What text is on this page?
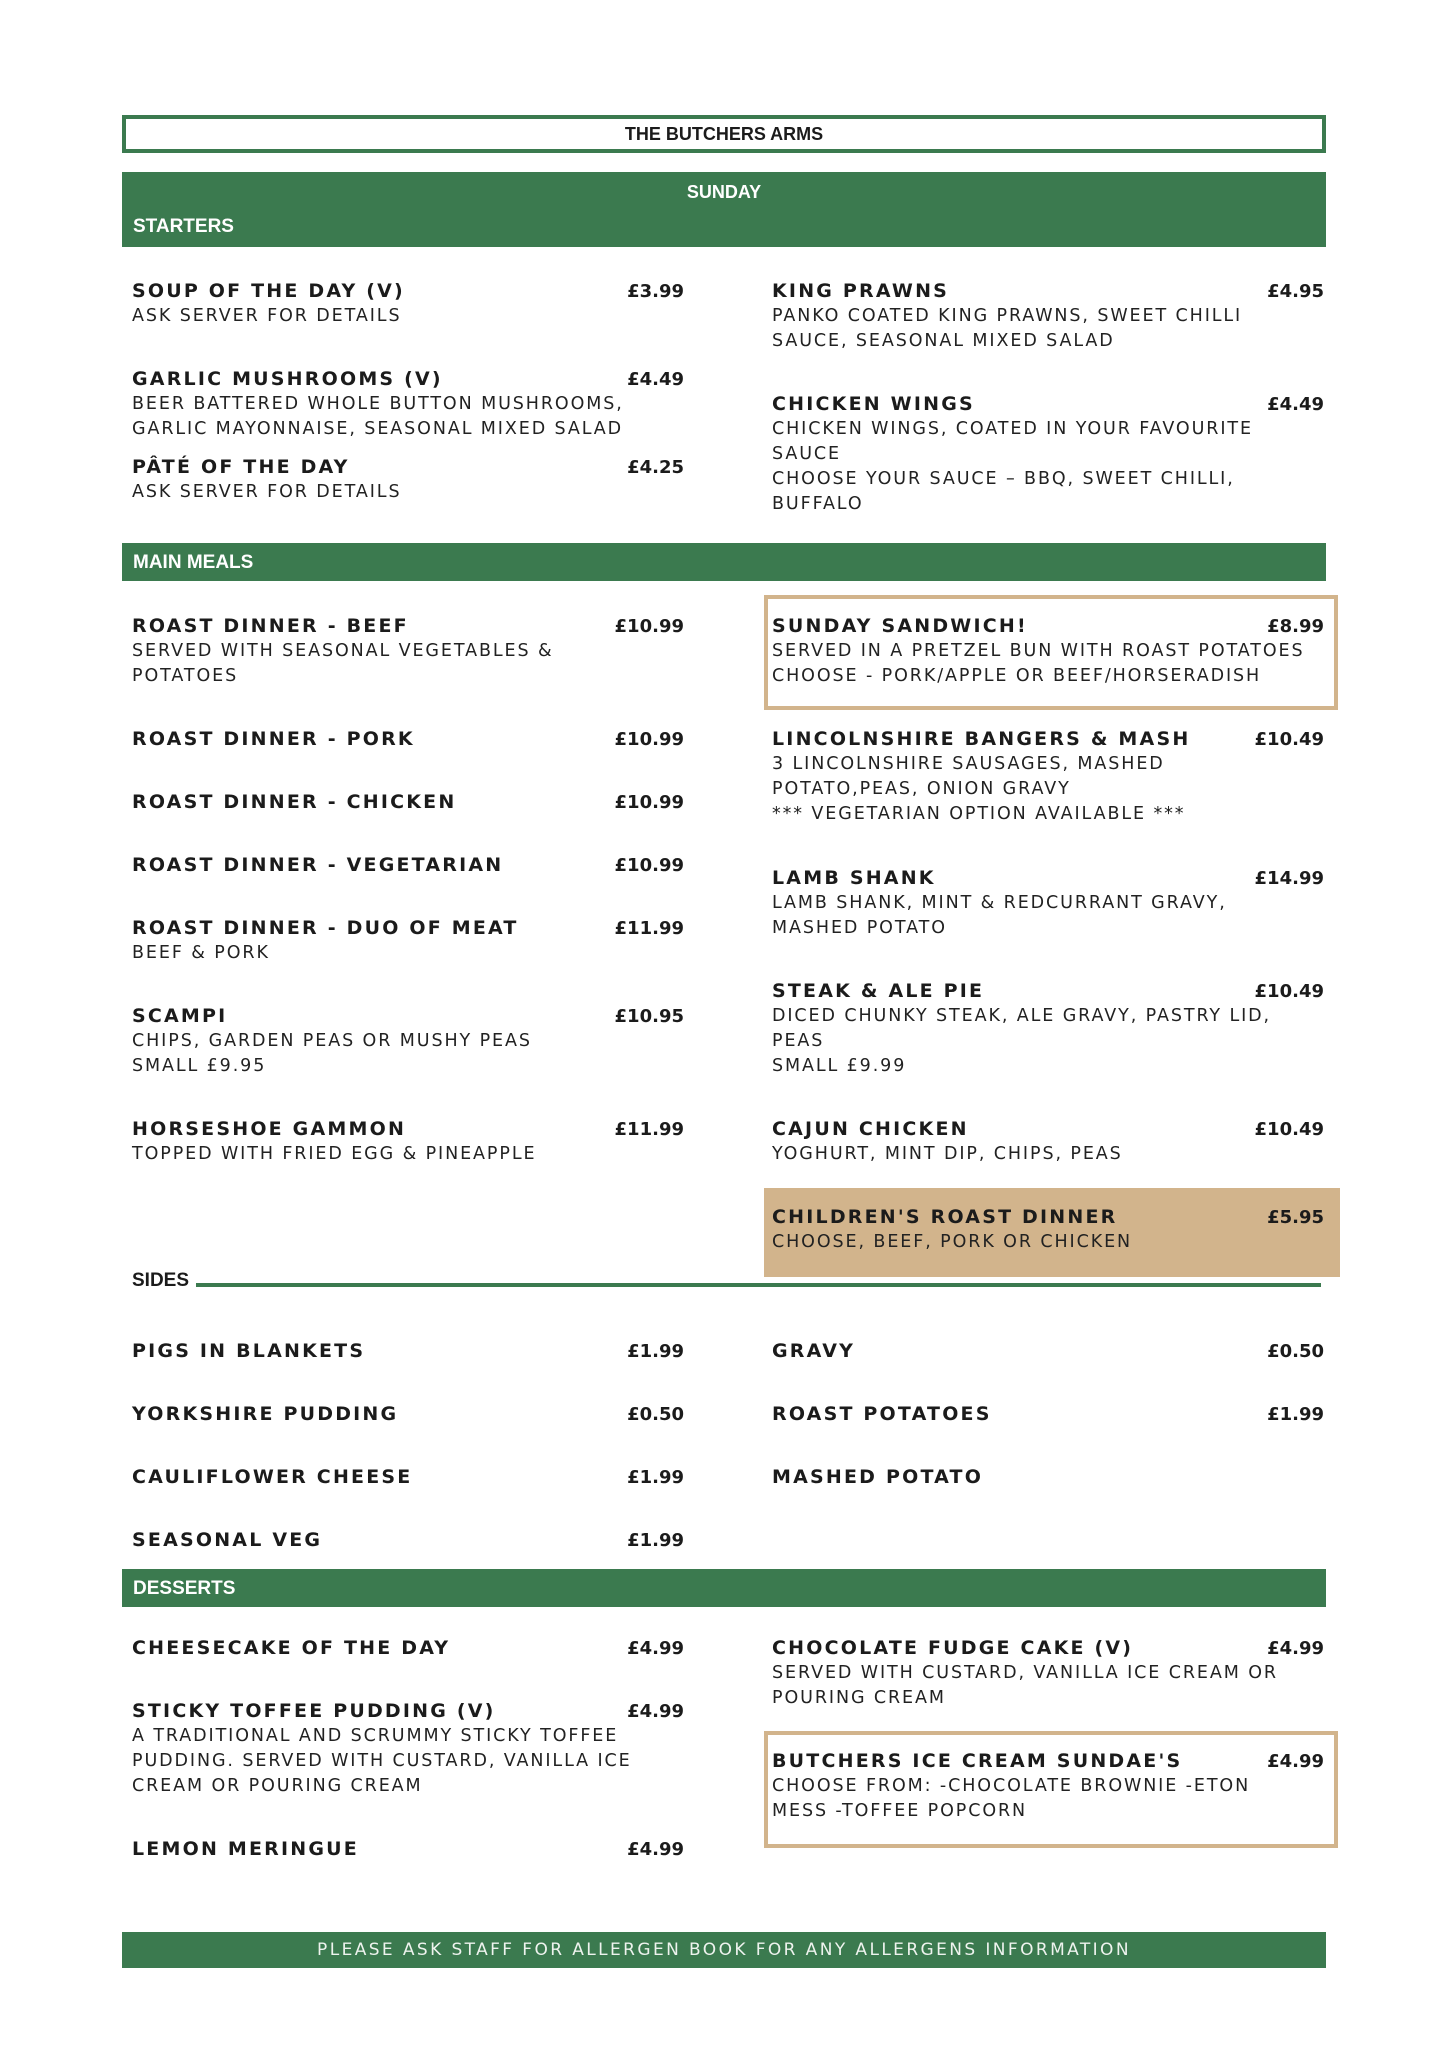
THE BUTCHERS ARMS
SUNDAY
STARTERS
MAIN MEALS
SIDES
DESSERTS
PLEASE ASK STAFF FOR ALLERGEN BOOK FOR ANY ALLERGENS INFORMATION
SOUP OF THE DAY (V)	£3.99
ASK SERVER FOR DETAILS
GARLIC MUSHROOMS (V)	£4.49
BEER BATTERED WHOLE BUTTON MUSHROOMS,
GARLIC MAYONNAISE, SEASONAL MIXED SALAD
PÂTÉ OF THE DAY	£4.25
ASK SERVER FOR DETAILS
KING PRAWNS	£4.95
PANKO COATED KING PRAWNS, SWEET CHILLI
SAUCE, SEASONAL MIXED SALAD
CHICKEN WINGS	£4.49
CHICKEN WINGS, COATED IN YOUR FAVOURITE
SAUCE
CHOOSE YOUR SAUCE – BBQ, SWEET CHILLI,
BUFFALO
ROAST DINNER - BEEF	£10.99
SERVED WITH SEASONAL VEGETABLES &
POTATOES
ROAST DINNER - PORK	£10.99
ROAST DINNER - CHICKEN	£10.99
ROAST DINNER - VEGETARIAN	£10.99
ROAST DINNER - DUO OF MEAT	£11.99
BEEF & PORK
SCAMPI	£10.95
CHIPS, GARDEN PEAS OR MUSHY PEAS
SMALL £9.95
HORSESHOE GAMMON	£11.99
TOPPED WITH FRIED EGG & PINEAPPLE
SUNDAY SANDWICH!	£8.99
SERVED IN A PRETZEL BUN WITH ROAST POTATOES
CHOOSE - PORK/APPLE OR BEEF/HORSERADISH
LINCOLNSHIRE BANGERS & MASH	£10.49
3 LINCOLNSHIRE SAUSAGES, MASHED
POTATO,PEAS, ONION GRAVY
*** VEGETARIAN OPTION AVAILABLE ***
LAMB SHANK	£14.99
LAMB SHANK, MINT & REDCURRANT GRAVY,
MASHED POTATO
STEAK & ALE PIE	£10.49
DICED CHUNKY STEAK, ALE GRAVY, PASTRY LID,
PEAS
SMALL £9.99
CAJUN CHICKEN	£10.49
YOGHURT, MINT DIP, CHIPS, PEAS
CHILDREN'S ROAST DINNER	£5.95
CHOOSE, BEEF, PORK OR CHICKEN
PIGS IN BLANKETS	£1.99
YORKSHIRE PUDDING	£0.50
CAULIFLOWER CHEESE	£1.99
SEASONAL VEG	£1.99
GRAVY	£0.50
ROAST POTATOES	£1.99
MASHED POTATO
CHEESECAKE OF THE DAY	£4.99
STICKY TOFFEE PUDDING (V)	£4.99
A TRADITIONAL AND SCRUMMY STICKY TOFFEE
PUDDING. SERVED WITH CUSTARD, VANILLA ICE
CREAM OR POURING CREAM
LEMON MERINGUE	£4.99
CHOCOLATE FUDGE CAKE (V)	£4.99
SERVED WITH CUSTARD, VANILLA ICE CREAM OR
POURING CREAM
BUTCHERS ICE CREAM SUNDAE'S	£4.99
CHOOSE FROM: -CHOCOLATE BROWNIE -ETON
MESS -TOFFEE POPCORN
